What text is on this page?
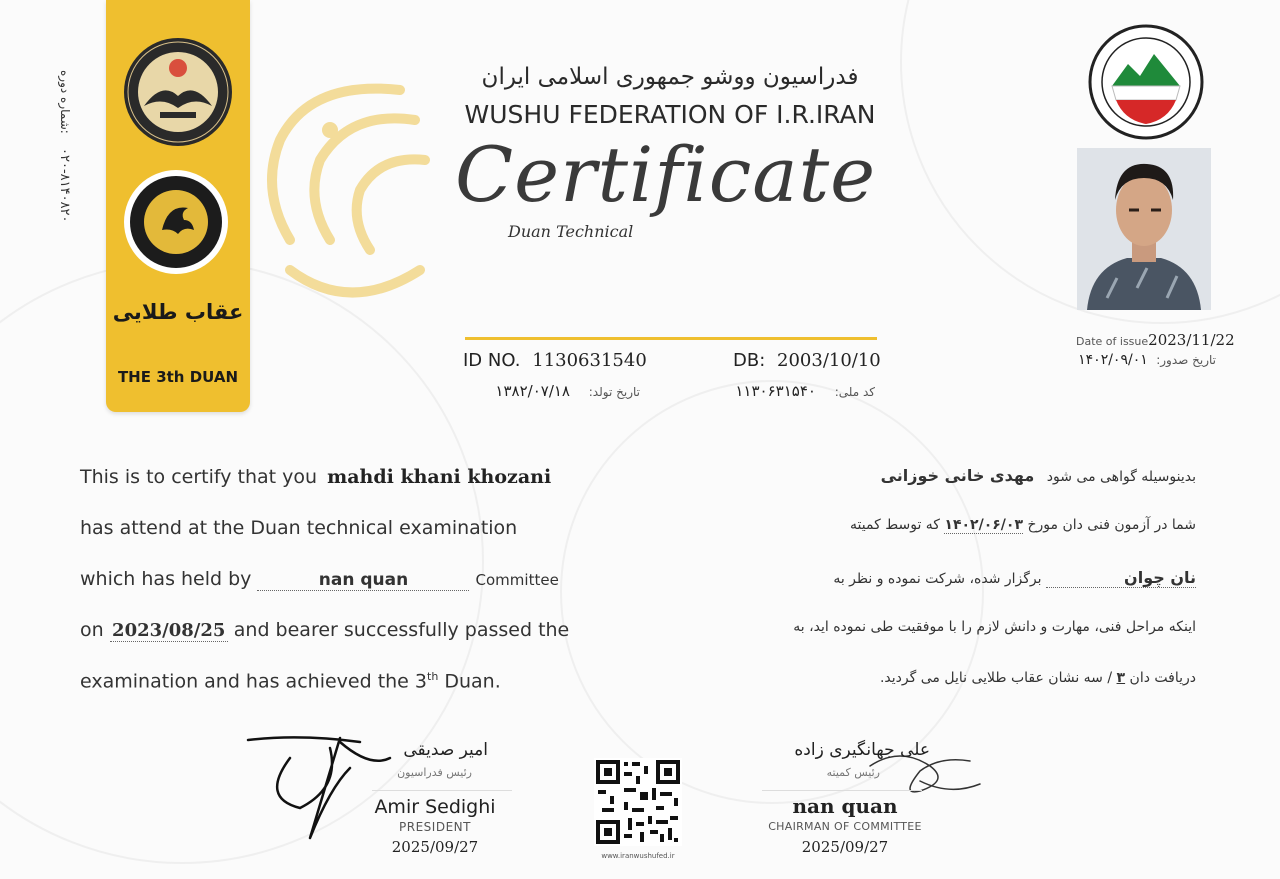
شماره دوره:
۰۲۰-۸۱۴۰۸۲۰
عقاب طلایی
THE 3th DUAN
فدراسیون ووشو جمهوری اسلامی ایران
WUSHU FEDERATION OF I.R.IRAN
Certificate
Duan Technical
ID NO. 1130631540	DB: 2003/10/10
تاریخ تولد: ۱۳۸۲/۰۷/۱۸	کد ملی: ۱۱۳۰۶۳۱۵۴۰
Date of issue2023/11/22
تاریخ صدور: ۱۴۰۲/۰۹/۰۱
This is to certify that you mahdi khani khozani
has attend at the Duan technical examination
which has held by	nan quan	Committee
on 2023/08/25 and bearer successfully passed the
examination and has achieved the 3th Duan.
بدینوسیله گواهی می شود مهدی خانی خوزانی
شما در آزمون فنی دان مورخ ۱۴۰۲/۰۶/۰۳ که توسط کمیته
نان چوان برگزار شده، شرکت نموده و نظر به
اینکه مراحل فنی، مهارت و دانش لازم را با موفقیت طی نموده اید، به
دریافت دان ۳ / سه نشان عقاب طلایی نایل می گردید.
امیر صدیقی
رئیس فدراسیون
Amir Sedighi
PRESIDENT
2025/09/27	www.iranwushufed.ir
علی جهانگیری زاده
رئیس کمیته
nan quan
CHAIRMAN OF COMMITTEE
2025/09/27
